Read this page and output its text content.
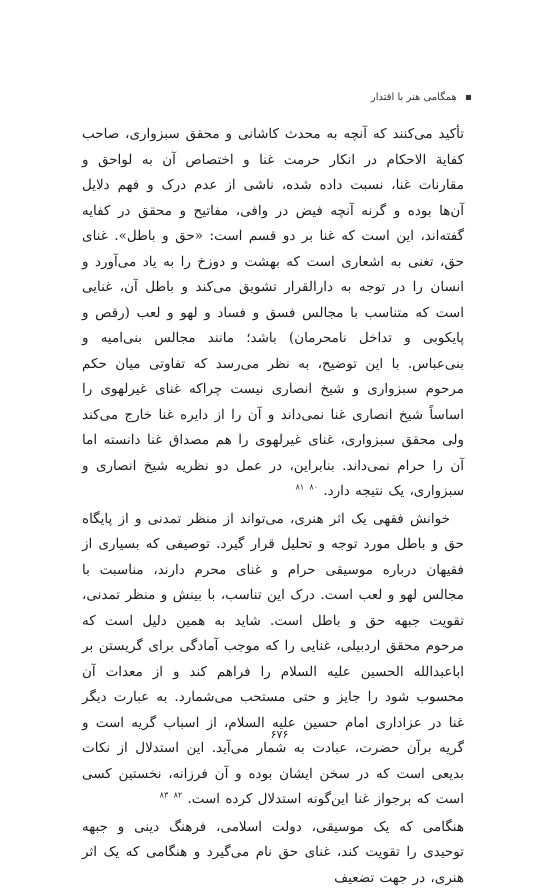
همگامی هنر با اقتدار

تأکید می‌کنند که آنچه به محدث کاشانی و محقق سبزواری، صاحب کفایة الاحکام در انکار حرمت غنا و اختصاص آن به لواحق و مقارنات غنا، نسبت داده شده، ناشی از عدم درک و فهم دلایل آن‌ها بوده و گرنه آنچه فیض در وافی، مفاتیح و محقق در کفایه گفته‌اند، این است که غنا بر دو قسم است: «حق و باطل». غنای حق، تغنی به اشعاری است که بهشت و دوزخ را به یاد می‌آورد و انسان را در توجه به دارالقرار تشویق می‌کند و باطل آن، غنایی است که متناسب با مجالس فسق و فساد و لهو و لعب (رقص و پایکوبی و تداخل نامحرمان) باشد؛ مانند مجالس بنی‌امیه و بنی‌عباس. با این توضیح، به نظر می‌رسد که تفاوتی میان حکم مرحوم سبزواری و شیخ انصاری نیست چراکه غنای غیرلهوی را اساساً شیخ انصاری غنا نمی‌داند و آن را از دایره غنا خارج می‌کند ولی محقق سبزواری، غنای غیرلهوی را هم مصداق غنا دانسته اما آن را حرام نمی‌داند. بنابراین، در عمل دو نظریه شیخ انصاری و سبزواری، یک نتیجه دارد. $^{۸۰}$ $^{۸۱}$

خوانش فقهی یک اثر هنری، می‌تواند از منظر تمدنی و از پایگاه حق و باطل مورد توجه و تحلیل قرار گیرد. توصیفی که بسیاری از فقیهان درباره موسیقی حرام و غنای محرم دارند، مناسبت با مجالس لهو و لعب است. درک این تناسب، با بینش و منظر تمدنی، تقویت جبهه حق و باطل است. شاید به همین دلیل است که مرحوم محقق اردبیلی، غنایی را که موجب آمادگی برای گریستن بر اباعبدالله الحسین علیه السلام را فراهم کند و از معدات آن محسوب شود را جایز و حتی مستحب می‌شمارد. به عبارت دیگر غنا در عزاداری امام حسین علیه السلام، از اسباب گریه است و گریه برآن حضرت، عبادت به شمار می‌آید. این استدلال از نکات بدیعی است که در سخن ایشان بوده و آن فرزانه، نخستین کسی است که برجواز غنا این‌گونه استدلال کرده است. $^{۸۲}$ $^{۸۳}$

هنگامی که یک موسیقی، دولت اسلامی، فرهنگ دینی و جبهه توحیدی را تقویت کند، غنای حق نام می‌گیرد و هنگامی که یک اثر هنری، در جهت تضعیف

۶۷۶
